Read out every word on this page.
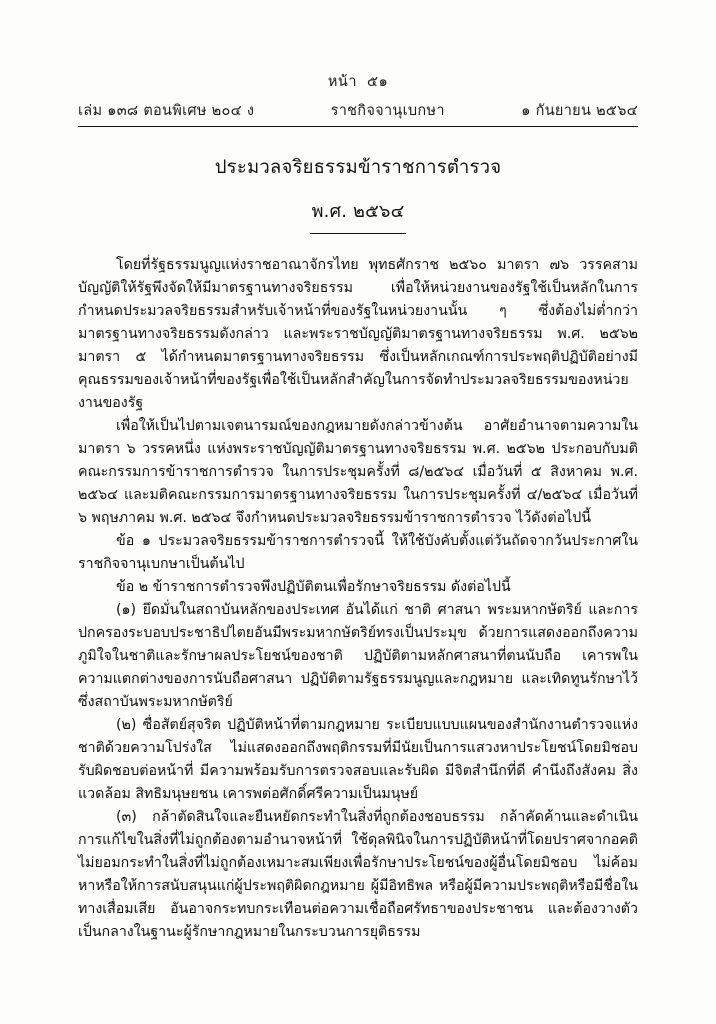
หน้า ๕๑
เล่ม ๑๓๘ ตอนพิเศษ ๒๐๔ ง	ราชกิจจานุเบกษา	๑ กันยายน ๒๕๖๔
ประมวลจริยธรรมข้าราชการตำรวจ
พ.ศ. ๒๕๖๔

โดยที่รัฐธรรมนูญแห่งราชอาณาจักรไทย พุทธศักราช ๒๕๖๐ มาตรา ๗๖ วรรคสาม บัญญัติให้รัฐพึงจัดให้มีมาตรฐานทางจริยธรรม เพื่อให้หน่วยงานของรัฐใช้เป็นหลักในการกำหนดประมวลจริยธรรมสำหรับเจ้าหน้าที่ของรัฐในหน่วยงานนั้น ๆ ซึ่งต้องไม่ต่ำกว่ามาตรฐานทางจริยธรรมดังกล่าว และพระราชบัญญัติมาตรฐานทางจริยธรรม พ.ศ. ๒๕๖๒ มาตรา ๕ ได้กำหนดมาตรฐานทางจริยธรรม ซึ่งเป็นหลักเกณฑ์การประพฤติปฏิบัติอย่างมีคุณธรรมของเจ้าหน้าที่ของรัฐเพื่อใช้เป็นหลักสำคัญในการจัดทำประมวลจริยธรรมของหน่วยงานของรัฐ

เพื่อให้เป็นไปตามเจตนารมณ์ของกฎหมายดังกล่าวข้างต้น อาศัยอำนาจตามความในมาตรา ๖ วรรคหนึ่ง แห่งพระราชบัญญัติมาตรฐานทางจริยธรรม พ.ศ. ๒๕๖๒ ประกอบกับมติคณะกรรมการข้าราชการตำรวจ ในการประชุมครั้งที่ ๘/๒๕๖๔ เมื่อวันที่ ๕ สิงหาคม พ.ศ. ๒๕๖๔ และมติคณะกรรมการมาตรฐานทางจริยธรรม ในการประชุมครั้งที่ ๔/๒๕๖๔ เมื่อวันที่ ๖ พฤษภาคม พ.ศ. ๒๕๖๔ จึงกำหนดประมวลจริยธรรมข้าราชการตำรวจ ไว้ดังต่อไปนี้

ข้อ ๑ ประมวลจริยธรรมข้าราชการตำรวจนี้ ให้ใช้บังคับตั้งแต่วันถัดจากวันประกาศในราชกิจจานุเบกษาเป็นต้นไป

ข้อ ๒ ข้าราชการตำรวจพึงปฏิบัติตนเพื่อรักษาจริยธรรม ดังต่อไปนี้

(๑) ยึดมั่นในสถาบันหลักของประเทศ อันได้แก่ ชาติ ศาสนา พระมหากษัตริย์ และการปกครองระบอบประชาธิปไตยอันมีพระมหากษัตริย์ทรงเป็นประมุข ด้วยการแสดงออกถึงความภูมิใจในชาติและรักษาผลประโยชน์ของชาติ ปฏิบัติตามหลักศาสนาที่ตนนับถือ เคารพในความแตกต่างของการนับถือศาสนา ปฏิบัติตามรัฐธรรมนูญและกฎหมาย และเทิดทูนรักษาไว้ซึ่งสถาบันพระมหากษัตริย์

(๒) ซื่อสัตย์สุจริต ปฏิบัติหน้าที่ตามกฎหมาย ระเบียบแบบแผนของสำนักงานตำรวจแห่งชาติด้วยความโปร่งใส ไม่แสดงออกถึงพฤติกรรมที่มีนัยเป็นการแสวงหาประโยชน์โดยมิชอบ รับผิดชอบต่อหน้าที่ มีความพร้อมรับการตรวจสอบและรับผิด มีจิตสำนึกที่ดี คำนึงถึงสังคม สิ่งแวดล้อม สิทธิมนุษยชน เคารพต่อศักดิ์ศรีความเป็นมนุษย์

(๓) กล้าตัดสินใจและยืนหยัดกระทำในสิ่งที่ถูกต้องชอบธรรม กล้าคัดค้านและดำเนินการแก้ไขในสิ่งที่ไม่ถูกต้องตามอำนาจหน้าที่ ใช้ดุลพินิจในการปฏิบัติหน้าที่โดยปราศจากอคติ ไม่ยอมกระทำในสิ่งที่ไม่ถูกต้องเหมาะสมเพียงเพื่อรักษาประโยชน์ของผู้อื่นโดยมิชอบ ไม่ค้อมหาหรือให้การสนับสนุนแก่ผู้ประพฤติผิดกฎหมาย ผู้มีอิทธิพล หรือผู้มีความประพฤติหรือมีชื่อในทางเสื่อมเสีย อันอาจกระทบกระเทือนต่อความเชื่อถือศรัทธาของประชาชน และต้องวางตัวเป็นกลางในฐานะผู้รักษากฎหมายในกระบวนการยุติธรรม
